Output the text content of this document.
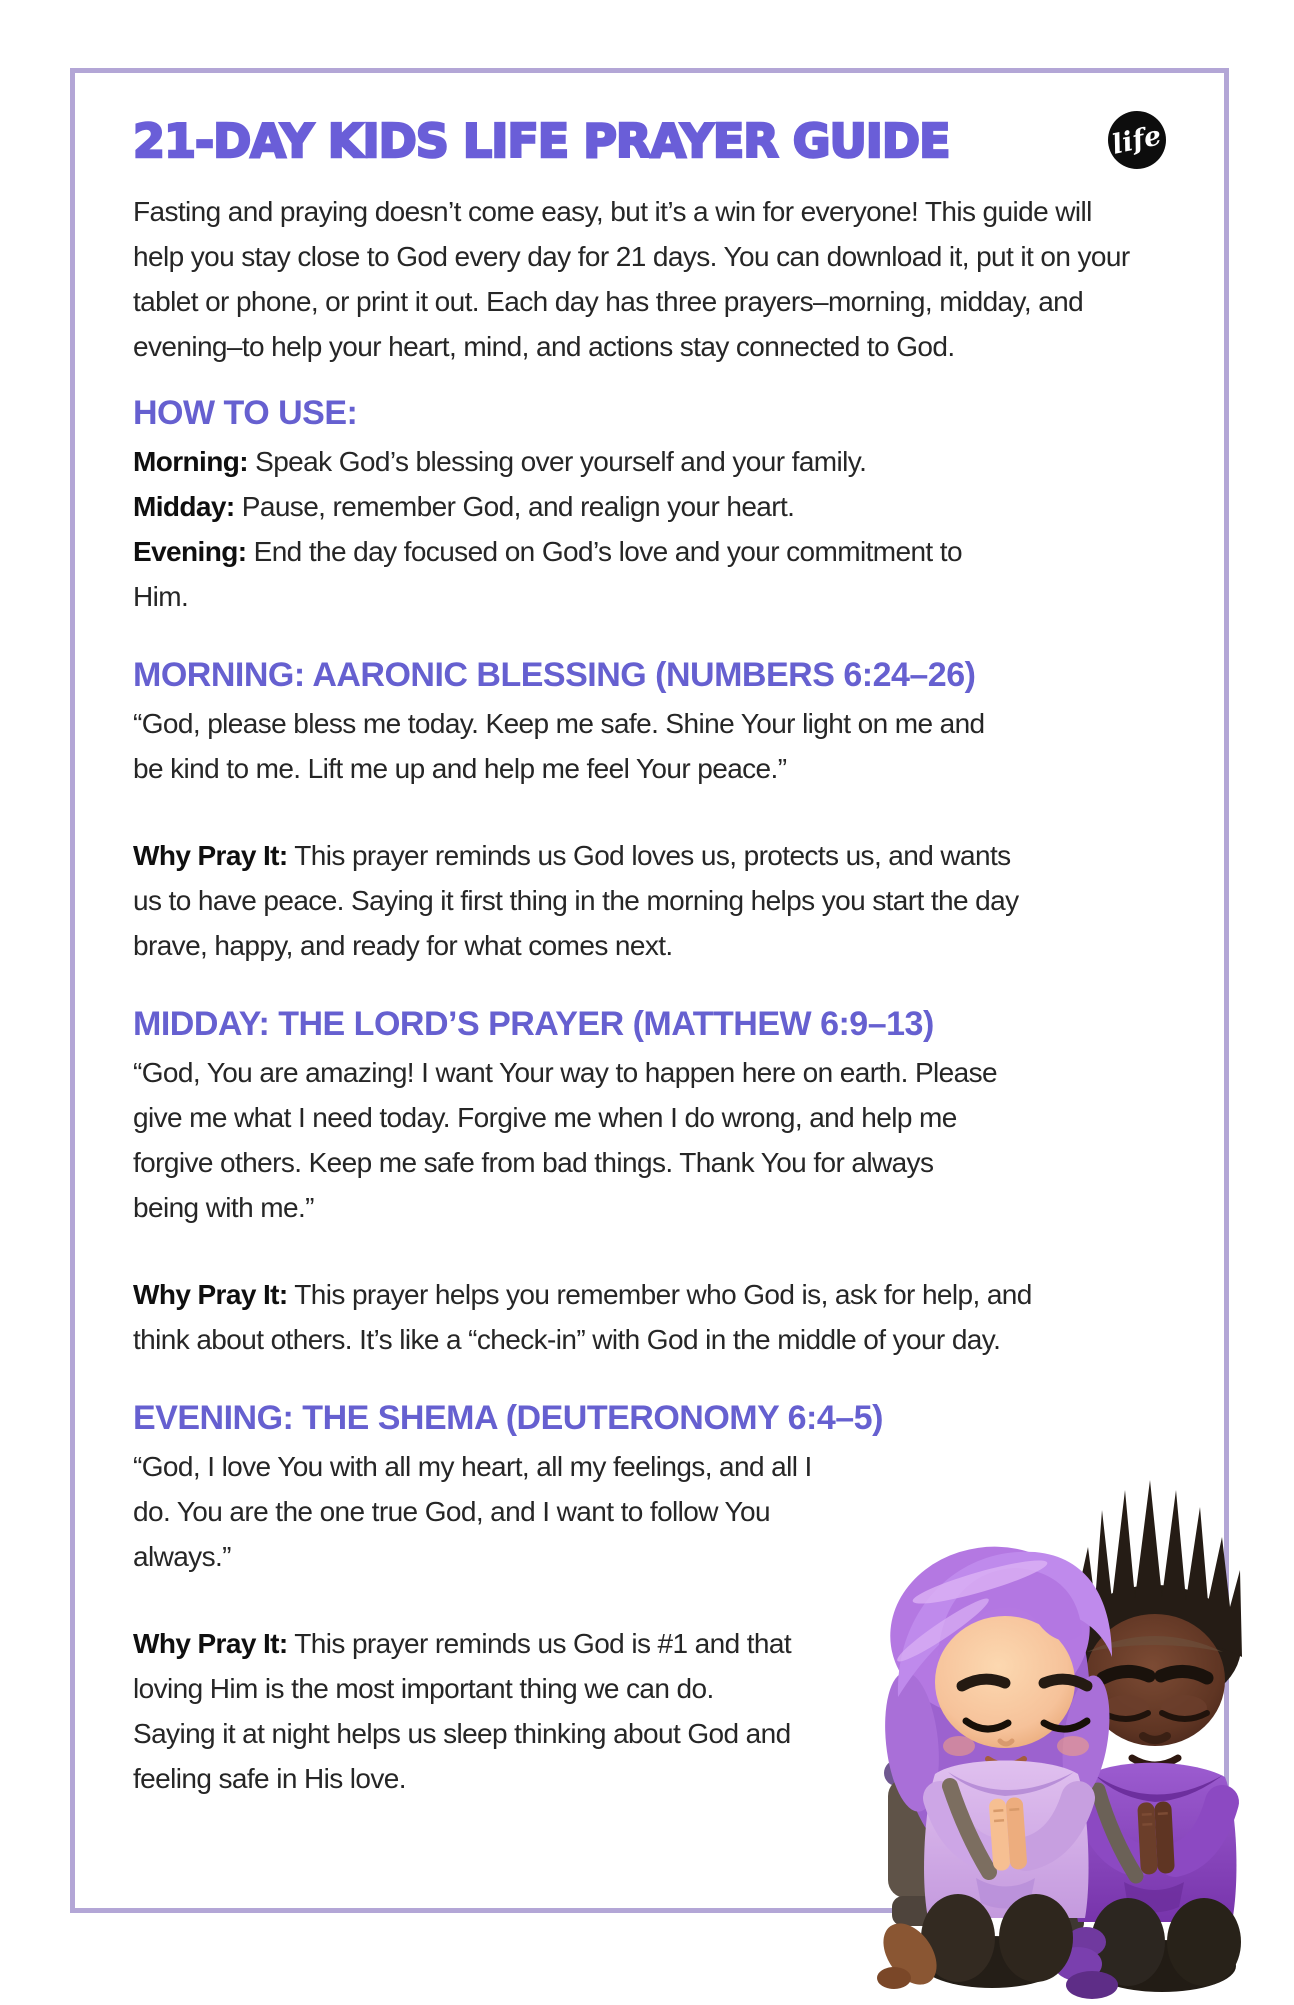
21-DAY KIDS LIFE PRAYER GUIDE	life

Fasting and praying doesn’t come easy, but it’s a win for everyone! This guide will help you stay close to God every day for 21 days. You can download it, put it on your tablet or phone, or print it out. Each day has three prayers–morning, midday, and evening–to help your heart, mind, and actions stay connected to God.

HOW TO USE:

Morning: Speak God’s blessing over yourself and your family.

Midday: Pause, remember God, and realign your heart.

Evening: End the day focused on God’s love and your commitment to Him.

MORNING: AARONIC BLESSING (NUMBERS 6:24–26)

“God, please bless me today. Keep me safe. Shine Your light on me and be kind to me. Lift me up and help me feel Your peace.”

Why Pray It: This prayer reminds us God loves us, protects us, and wants us to have peace. Saying it first thing in the morning helps you start the day brave, happy, and ready for what comes next.

MIDDAY: THE LORD’S PRAYER (MATTHEW 6:9–13)

“God, You are amazing! I want Your way to happen here on earth. Please give me what I need today. Forgive me when I do wrong, and help me forgive others. Keep me safe from bad things. Thank You for always being with me.”

Why Pray It: This prayer helps you remember who God is, ask for help, and think about others. It’s like a “check-in” with God in the middle of your day.

EVENING: THE SHEMA (DEUTERONOMY 6:4–5)

“God, I love You with all my heart, all my feelings, and all I do. You are the one true God, and I want to follow You always.”

Why Pray It: This prayer reminds us God is #1 and that loving Him is the most important thing we can do. Saying it at night helps us sleep thinking about God and feeling safe in His love.
